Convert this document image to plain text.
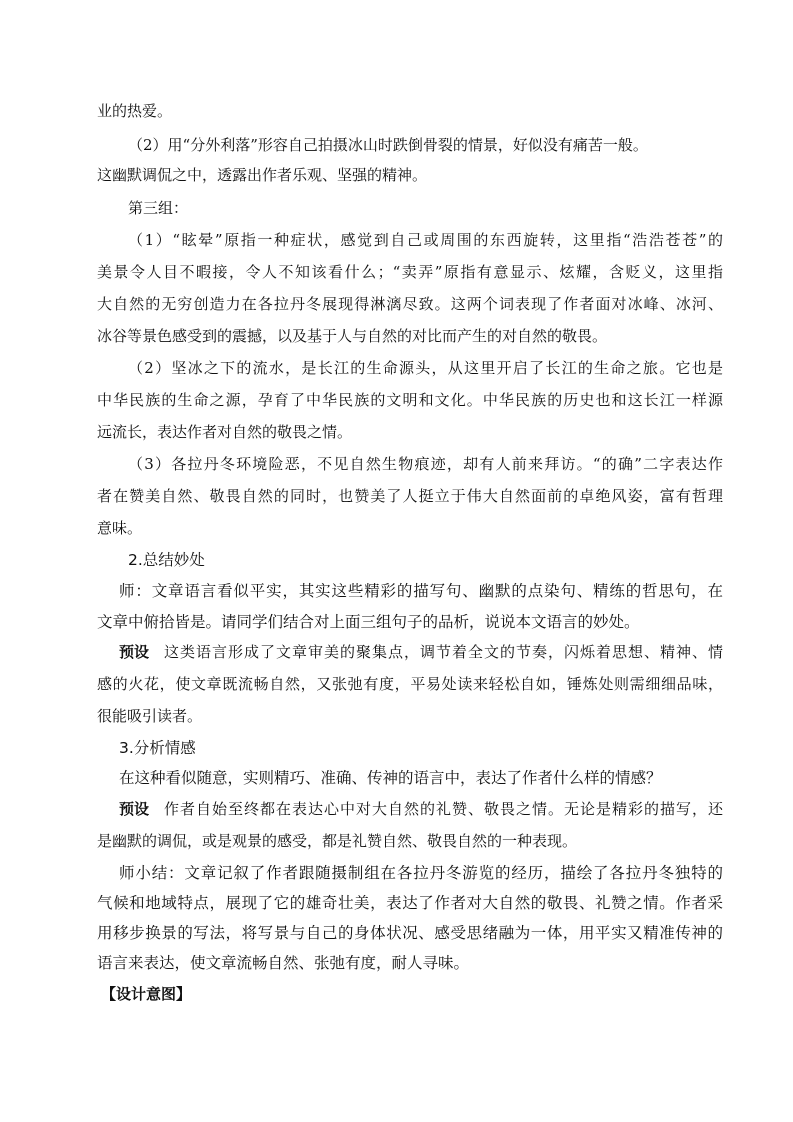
业的热爱。
（2）用“分外利落”形容自己拍摄冰山时跌倒骨裂的情景，好似没有痛苦一般。
这幽默调侃之中，透露出作者乐观、坚强的精神。
第三组：
（1）“眩晕”原指一种症状，感觉到自己或周围的东西旋转，这里指“浩浩苍苍”的
美景令人目不暇接，令人不知该看什么；“卖弄”原指有意显示、炫耀，含贬义，这里指
大自然的无穷创造力在各拉丹冬展现得淋漓尽致。这两个词表现了作者面对冰峰、冰河、
冰谷等景色感受到的震撼，以及基于人与自然的对比而产生的对自然的敬畏。
（2）坚冰之下的流水，是长江的生命源头，从这里开启了长江的生命之旅。它也是
中华民族的生命之源，孕育了中华民族的文明和文化。中华民族的历史也和这长江一样源
远流长，表达作者对自然的敬畏之情。
（3）各拉丹冬环境险恶，不见自然生物痕迹，却有人前来拜访。“的确”二字表达作
者在赞美自然、敬畏自然的同时，也赞美了人挺立于伟大自然面前的卓绝风姿，富有哲理
意味。
2.总结妙处
师：文章语言看似平实，其实这些精彩的描写句、幽默的点染句、精练的哲思句，在
文章中俯拾皆是。请同学们结合对上面三组句子的品析，说说本文语言的妙处。
预设 这类语言形成了文章审美的聚集点，调节着全文的节奏，闪烁着思想、精神、情
感的火花，使文章既流畅自然，又张弛有度，平易处读来轻松自如，锤炼处则需细细品味，
很能吸引读者。
3.分析情感
在这种看似随意，实则精巧、准确、传神的语言中，表达了作者什么样的情感？
预设 作者自始至终都在表达心中对大自然的礼赞、敬畏之情。无论是精彩的描写，还
是幽默的调侃，或是观景的感受，都是礼赞自然、敬畏自然的一种表现。
师小结：文章记叙了作者跟随摄制组在各拉丹冬游览的经历，描绘了各拉丹冬独特的
气候和地域特点，展现了它的雄奇壮美，表达了作者对大自然的敬畏、礼赞之情。作者采
用移步换景的写法，将写景与自己的身体状况、感受思绪融为一体，用平实又精准传神的
语言来表达，使文章流畅自然、张弛有度，耐人寻味。
【设计意图】
